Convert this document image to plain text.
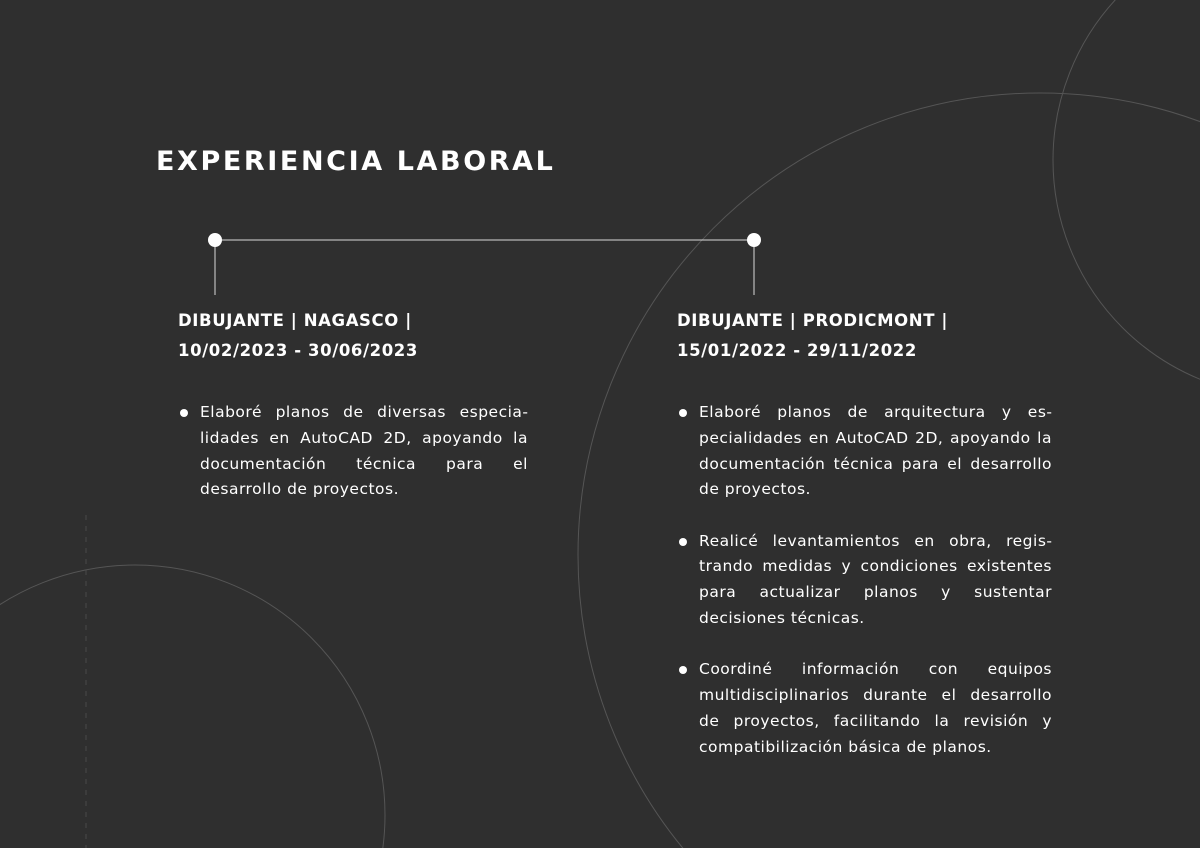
EXPERIENCIA LABORAL
DIBUJANTE | NAGASCO |
10/02/2023 - 30/06/2023
Elaboré planos de diversas especialidades en AutoCAD 2D, apoyando la documentación técnica para el desarrollo de proyectos.
DIBUJANTE | PRODICMONT |
15/01/2022 - 29/11/2022
Elaboré planos de arquitectura y especialidades en AutoCAD 2D, apoyando la documentación técnica para el desarrollo de proyectos.
Realicé levantamientos en obra, registrando medidas y condiciones existentes para actualizar planos y sustentar decisiones técnicas.
Coordiné información con equipos multidisciplinarios durante el desarrollo de proyectos, facilitando la revisión y compatibilización básica de planos.
